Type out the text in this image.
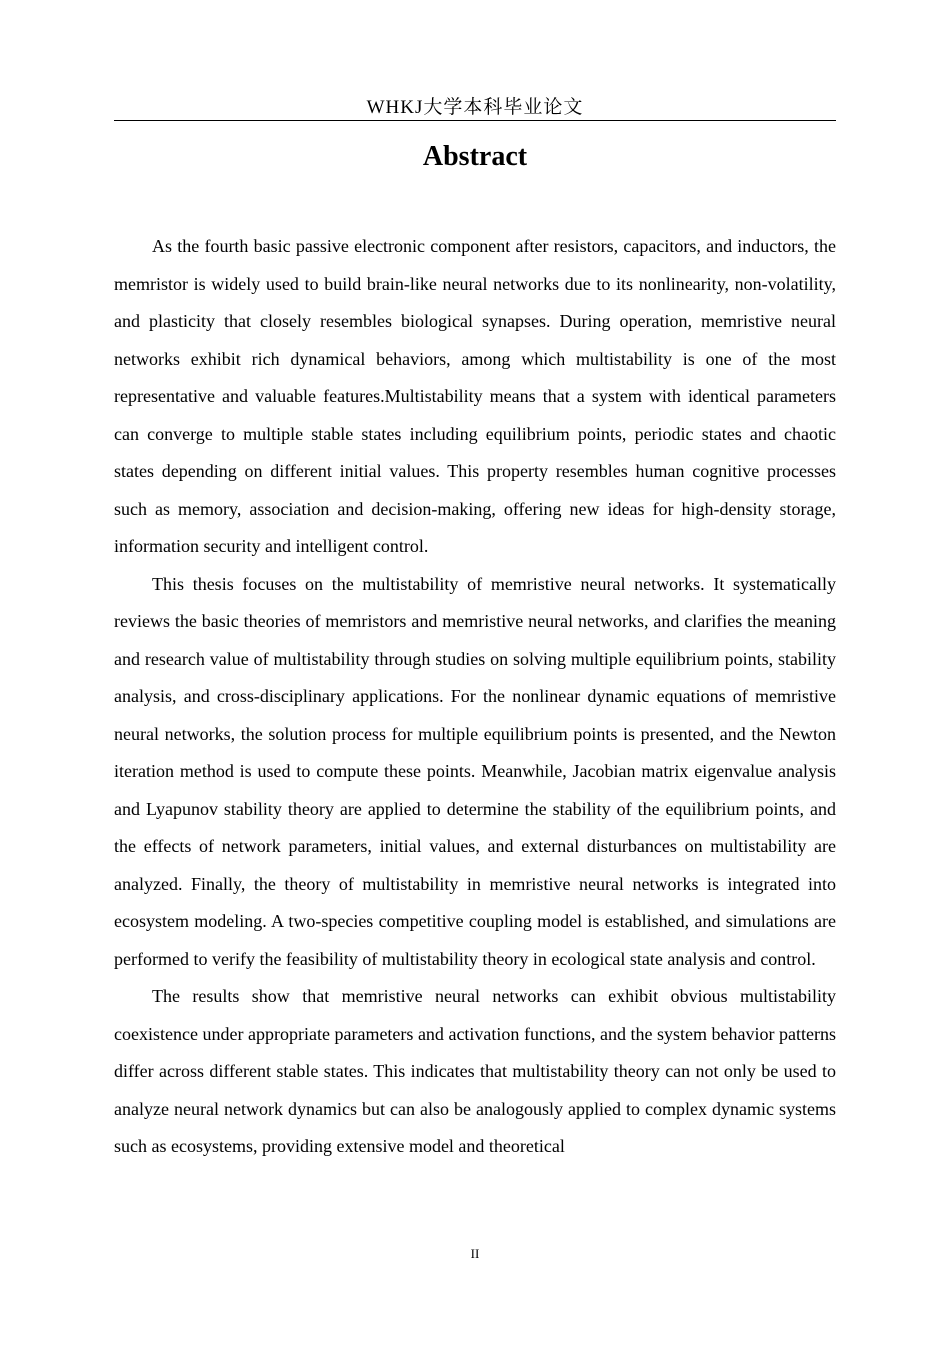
WHKJ大学本科毕业论文
Abstract

As the fourth basic passive electronic component after resistors, capacitors, and inductors, the memristor is widely used to build brain-like neural networks due to its nonlinearity, non-volatility, and plasticity that closely resembles biological synapses. During operation, memristive neural networks exhibit rich dynamical behaviors, among which multistability is one of the most representative and valuable features.Multistability means that a system with identical parameters can converge to multiple stable states including equilibrium points, periodic states and chaotic states depending on different initial values. This property resembles human cognitive processes such as memory, association and decision-making, offering new ideas for high-density storage, information security and intelligent control.

This thesis focuses on the multistability of memristive neural networks. It systematically reviews the basic theories of memristors and memristive neural networks, and clarifies the meaning and research value of multistability through studies on solving multiple equilibrium points, stability analysis, and cross-disciplinary applications. For the nonlinear dynamic equations of memristive neural networks, the solution process for multiple equilibrium points is presented, and the Newton iteration method is used to compute these points. Meanwhile, Jacobian matrix eigenvalue analysis and Lyapunov stability theory are applied to determine the stability of the equilibrium points, and the effects of network parameters, initial values, and external disturbances on multistability are analyzed. Finally, the theory of multistability in memristive neural networks is integrated into ecosystem modeling. A two-species competitive coupling model is established, and simulations are performed to verify the feasibility of multistability theory in ecological state analysis and control.

The results show that memristive neural networks can exhibit obvious multistability coexistence under appropriate parameters and activation functions, and the system behavior patterns differ across different stable states. This indicates that multistability theory can not only be used to analyze neural network dynamics but can also be analogously applied to complex dynamic systems such as ecosystems, providing extensive model and theoretical

II
